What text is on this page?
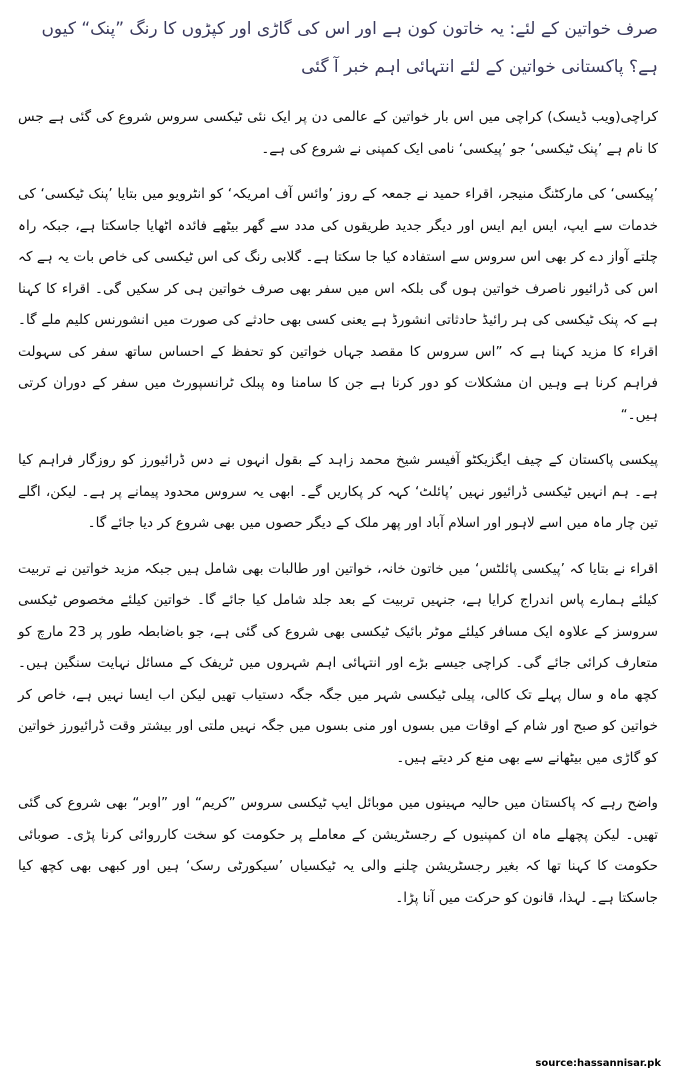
صرف خواتین کے لئے: یہ خاتون کون ہے اور اس کی گاڑی اور کپڑوں کا رنگ ”پنک“ کیوں ہے؟ پاکستانی خواتین کے لئے انتہائی اہم خبر آ گئی

کراچی(ویب ڈیسک) کراچی میں اس بار خواتین کے عالمی دن پر ایک نئی ٹیکسی سروس شروع کی گئی ہے جس کا نام ہے ’پنک ٹیکسی‘ جو ’پیکسی‘ نامی ایک کمپنی نے شروع کی ہے۔

’پیکسی‘ کی مارکٹنگ منیجر، اقراء حمید نے جمعہ کے روز ’وائس آف امریکہ‘ کو انٹرویو میں بتایا ’پنک ٹیکسی‘ کی خدمات سے ایپ، ایس ایم ایس اور دیگر جدید طریقوں کی مدد سے گھر بیٹھے فائدہ اٹھایا جاسکتا ہے، جبکہ راہ چلتے آواز دے کر بھی اس سروس سے استفادہ کیا جا سکتا ہے۔ گلابی رنگ کی اس ٹیکسی کی خاص بات یہ ہے کہ اس کی ڈرائیور ناصرف خواتین ہوں گی بلکہ اس میں سفر بھی صرف خواتین ہی کر سکیں گی۔ اقراء کا کہنا ہے کہ پنک ٹیکسی کی ہر رائیڈ حادثاتی انشورڈ ہے یعنی کسی بھی حادثے کی صورت میں انشورنس کلیم ملے گا۔ اقراء کا مزید کہنا ہے کہ ”اس سروس کا مقصد جہاں خواتین کو تحفظ کے احساس ساتھ سفر کی سہولت فراہم کرنا ہے وہیں ان مشکلات کو دور کرنا ہے جن کا سامنا وہ پبلک ٹرانسپورٹ میں سفر کے دوران کرتی ہیں۔“

پیکسی پاکستان کے چیف ایگزیکٹو آفیسر شیخ محمد زاہد کے بقول انہوں نے دس ڈرائیورز کو روزگار فراہم کیا ہے۔ ہم انہیں ٹیکسی ڈرائیور نہیں ’پائلٹ‘ کہہ کر پکاریں گے۔ ابھی یہ سروس محدود پیمانے پر ہے۔ لیکن، اگلے تین چار ماہ میں اسے لاہور اور اسلام آباد اور پھر ملک کے دیگر حصوں میں بھی شروع کر دیا جائے گا۔

اقراء نے بتایا کہ ’پیکسی پائلٹس‘ میں خاتون خانہ، خواتین اور طالبات بھی شامل ہیں جبکہ مزید خواتین نے تربیت کیلئے ہمارے پاس اندراج کرایا ہے، جنہیں تربیت کے بعد جلد شامل کیا جائے گا۔ خواتین کیلئے مخصوص ٹیکسی سروسز کے علاوہ ایک مسافر کیلئے موٹر بائیک ٹیکسی بھی شروع کی گئی ہے، جو باضابطہ طور پر 23 مارچ کو متعارف کرائی جائے گی۔ کراچی جیسے بڑے اور انتہائی اہم شہروں میں ٹریفک کے مسائل نہایت سنگین ہیں۔ کچھ ماہ و سال پہلے تک کالی، پیلی ٹیکسی شہر میں جگہ جگہ دستیاب تھیں لیکن اب ایسا نہیں ہے، خاص کر خواتین کو صبح اور شام کے اوقات میں بسوں اور منی بسوں میں جگہ نہیں ملتی اور بیشتر وقت ڈرائیورز خواتین کو گاڑی میں بیٹھانے سے بھی منع کر دیتے ہیں۔

واضح رہے کہ پاکستان میں حالیہ مہینوں میں موبائل ایپ ٹیکسی سروس ”کریم“ اور ”اوبر“ بھی شروع کی گئی تھیں۔ لیکن پچھلے ماہ ان کمپنیوں کے رجسٹریشن کے معاملے پر حکومت کو سخت کارروائی کرنا پڑی۔ صوبائی حکومت کا کہنا تھا کہ بغیر رجسٹریشن چلنے والی یہ ٹیکسیاں ’سیکورٹی رسک‘ ہیں اور کبھی بھی کچھ کیا جاسکتا ہے۔ لہذا، قانون کو حرکت میں آنا پڑا۔

source:hassannisar.pk
